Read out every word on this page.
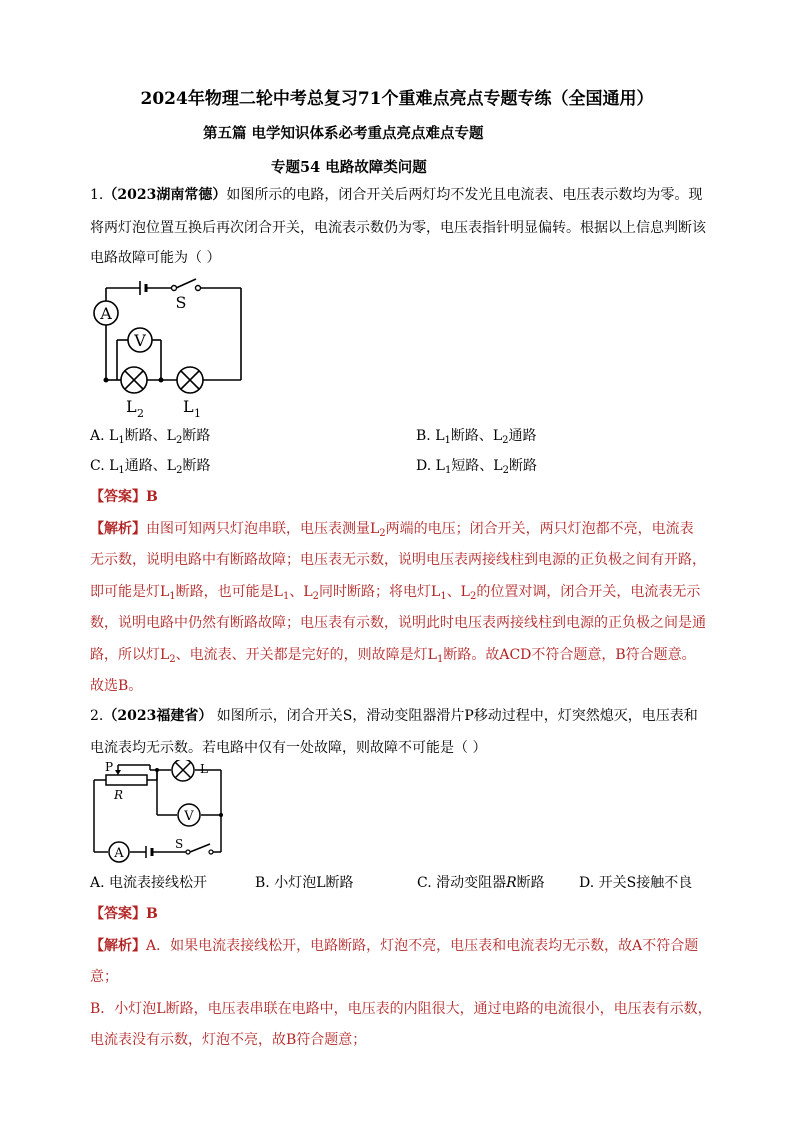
2024年物理二轮中考总复习71个重难点亮点专题专练（全国通用）
第五篇 电学知识体系必考重点亮点难点专题
专题54 电路故障类问题
1.（2023湖南常德）如图所示的电路，闭合开关后两灯均不发光且电流表、电压表示数均为零。现
将两灯泡位置互换后再次闭合开关，电流表示数仍为零，电压表指针明显偏转。根据以上信息判断该
电路故障可能为（ ）
A
V
S
L 2 L 1
A. $L_1$断路、$L_2$断路	B. $L_1$断路、$L_2$通路
C. $L_1$通路、$L_2$断路	D. $L_1$短路、$L_2$断路
【答案】B
【解析】由图可知两只灯泡串联，电压表测量$L_2$两端的电压；闭合开关，两只灯泡都不亮，电流表
无示数，说明电路中有断路故障；电压表无示数，说明电压表两接线柱到电源的正负极之间有开路，
即可能是灯$L_1$断路，也可能是$L_1$、$L_2$同时断路；将电灯$L_1$、$L_2$的位置对调，闭合开关，电流表无示
数，说明电路中仍然有断路故障；电压表有示数，说明此时电压表两接线柱到电源的正负极之间是通
路，所以灯$L_2$、电流表、开关都是完好的，则故障是灯$L_1$断路。故ACD不符合题意，B符合题意。
故选B。
2.（2023福建省） 如图所示，闭合开关S，滑动变阻器滑片P移动过程中，灯突然熄灭，电压表和
电流表均无示数。若电路中仅有一处故障，则故障不可能是（ ）
P
R
L
V
A
S
A. 电流表接线松开	B. 小灯泡L断路	C. 滑动变阻器R断路 D. 开关S接触不良
【答案】B
【解析】A．如果电流表接线松开，电路断路，灯泡不亮，电压表和电流表均无示数，故A不符合题
意；
B．小灯泡L断路，电压表串联在电路中，电压表的内阻很大，通过电路的电流很小，电压表有示数，
电流表没有示数，灯泡不亮，故B符合题意；
